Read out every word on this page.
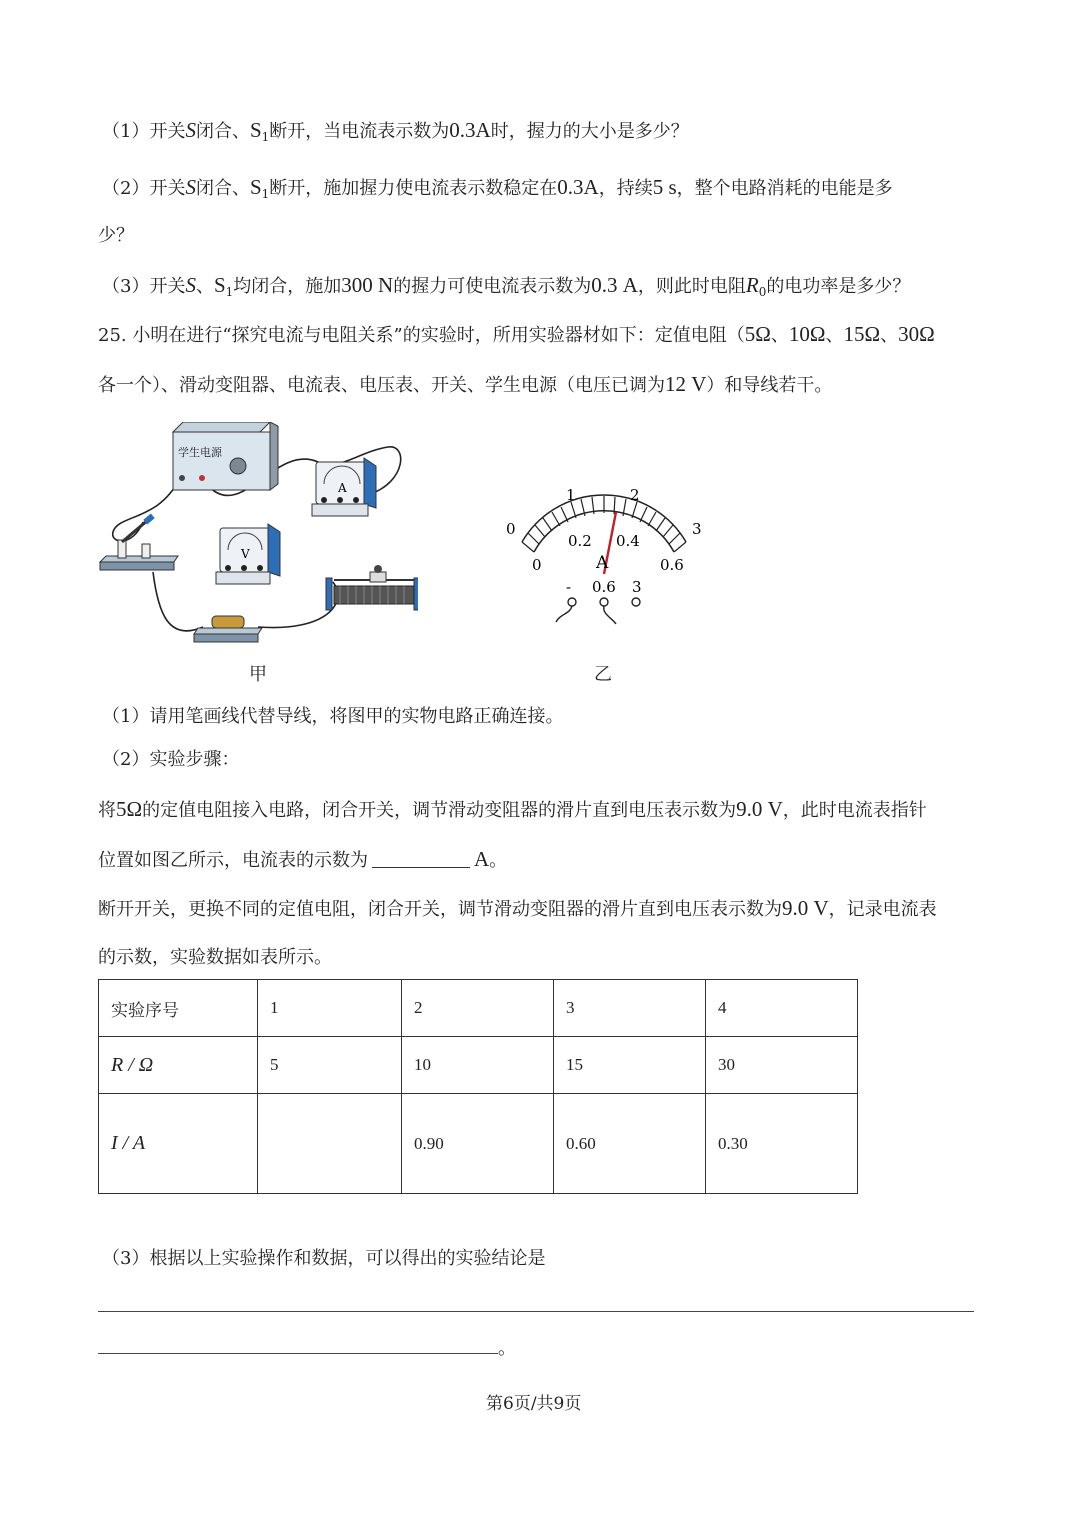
（1）开关S闭合、$S_1$断开，当电流表示数为0.3A时，握力的大小是多少？
（2）开关S闭合、$S_1$断开，施加握力使电流表示数稳定在0.3A，持续5 s，整个电路消耗的电能是多
少？
（3）开关S、$S_1$均闭合，施加300 N的握力可使电流表示数为0.3 A，则此时电阻$R_0$的电功率是多少？
25. 小明在进行“探究电流与电阻关系”的实验时，所用实验器材如下：定值电阻（5Ω、10Ω、15Ω、30Ω
各一个）、滑动变阻器、电流表、电压表、开关、学生电源（电压已调为12 V）和导线若干。
学生电源
A
V
甲
0
1	2
3
0
0.2 0.4
0.6
A
- 0.6 3
乙
（1）请用笔画线代替导线，将图甲的实物电路正确连接。
（2）实验步骤：
将5Ω的定值电阻接入电路，闭合开关，调节滑动变阻器的滑片直到电压表示数为9.0 V，此时电流表指针
位置如图乙所示，电流表的示数为	A。
断开开关，更换不同的定值电阻，闭合开关，调节滑动变阻器的滑片直到电压表示数为9.0 V，记录电流表
的示数，实验数据如表所示。
实验序号	1	2	3	4
R / Ω	5	10	15	30
I / A		0.90	0.60	0.30
（3）根据以上实验操作和数据，可以得出的实验结论是
。
第6页/共9页
